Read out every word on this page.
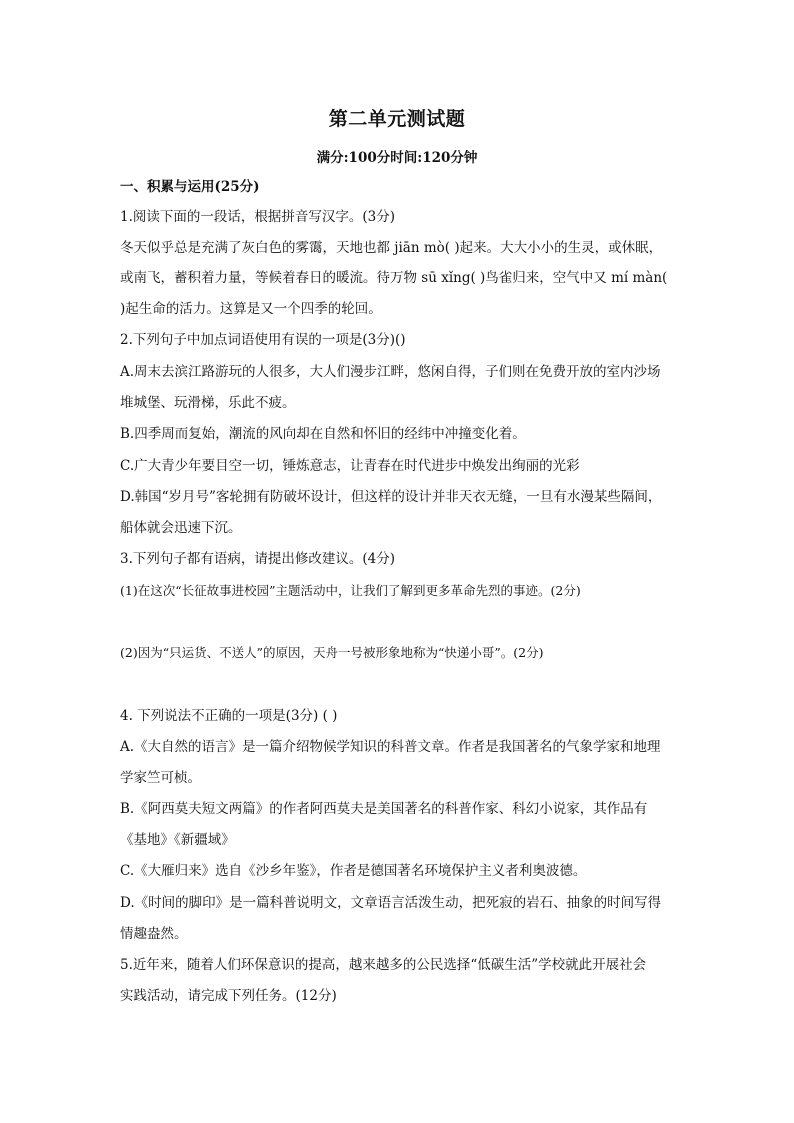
第二单元测试题
满分:100分时间:120分钟
一、积累与运用(25分)
1.阅读下面的一段话，根据拼音写汉字。(3分)
冬天似乎总是充满了灰白色的雾霭，天地也都 jiān mò( )起来。大大小小的生灵，或休眠，
或南飞，蓄积着力量，等候着春日的暖流。待万物 sū xǐng( )鸟雀归来，空气中又 mí màn(
)起生命的活力。这算是又一个四季的轮回。
2.下列句子中加点词语使用有误的一项是(3分)()
A.周末去滨江路游玩的人很多，大人们漫步江畔，悠闲自得，子们则在免费开放的室内沙场
堆城堡、玩滑梯，乐此不疲。
B.四季周而复始，潮流的风向却在自然和怀旧的经纬中冲撞变化着。
C.广大青少年要目空一切，锤炼意志，让青春在时代进步中焕发出绚丽的光彩
D.韩国“岁月号”客轮拥有防破坏设计，但这样的设计并非天衣无缝，一旦有水漫某些隔间，
船体就会迅速下沉。
3.下列句子都有语病，请提出修改建议。(4分)
(1)在这次“长征故事进校园”主题活动中，让我们了解到更多革命先烈的事迹。(2分)
(2)因为“只运货、不送人”的原因，天舟一号被形象地称为“快递小哥”。(2分)
4. 下列说法不正确的一项是(3分) ( )
A.《大自然的语言》是一篇介绍物候学知识的科普文章。作者是我国著名的气象学家和地理
学家竺可桢。
B.《阿西莫夫短文两篇》的作者阿西莫夫是美国著名的科普作家、科幻小说家，其作品有
《基地》《新疆域》
C.《大雁归来》选自《沙乡年鉴》，作者是德国著名环境保护主义者利奥波德。
D.《时间的脚印》是一篇科普说明文，文章语言活泼生动，把死寂的岩石、抽象的时间写得
情趣盎然。
5.近年来，随着人们环保意识的提高，越来越多的公民选择“低碳生活”学校就此开展社会
实践活动，请完成下列任务。(12分)
